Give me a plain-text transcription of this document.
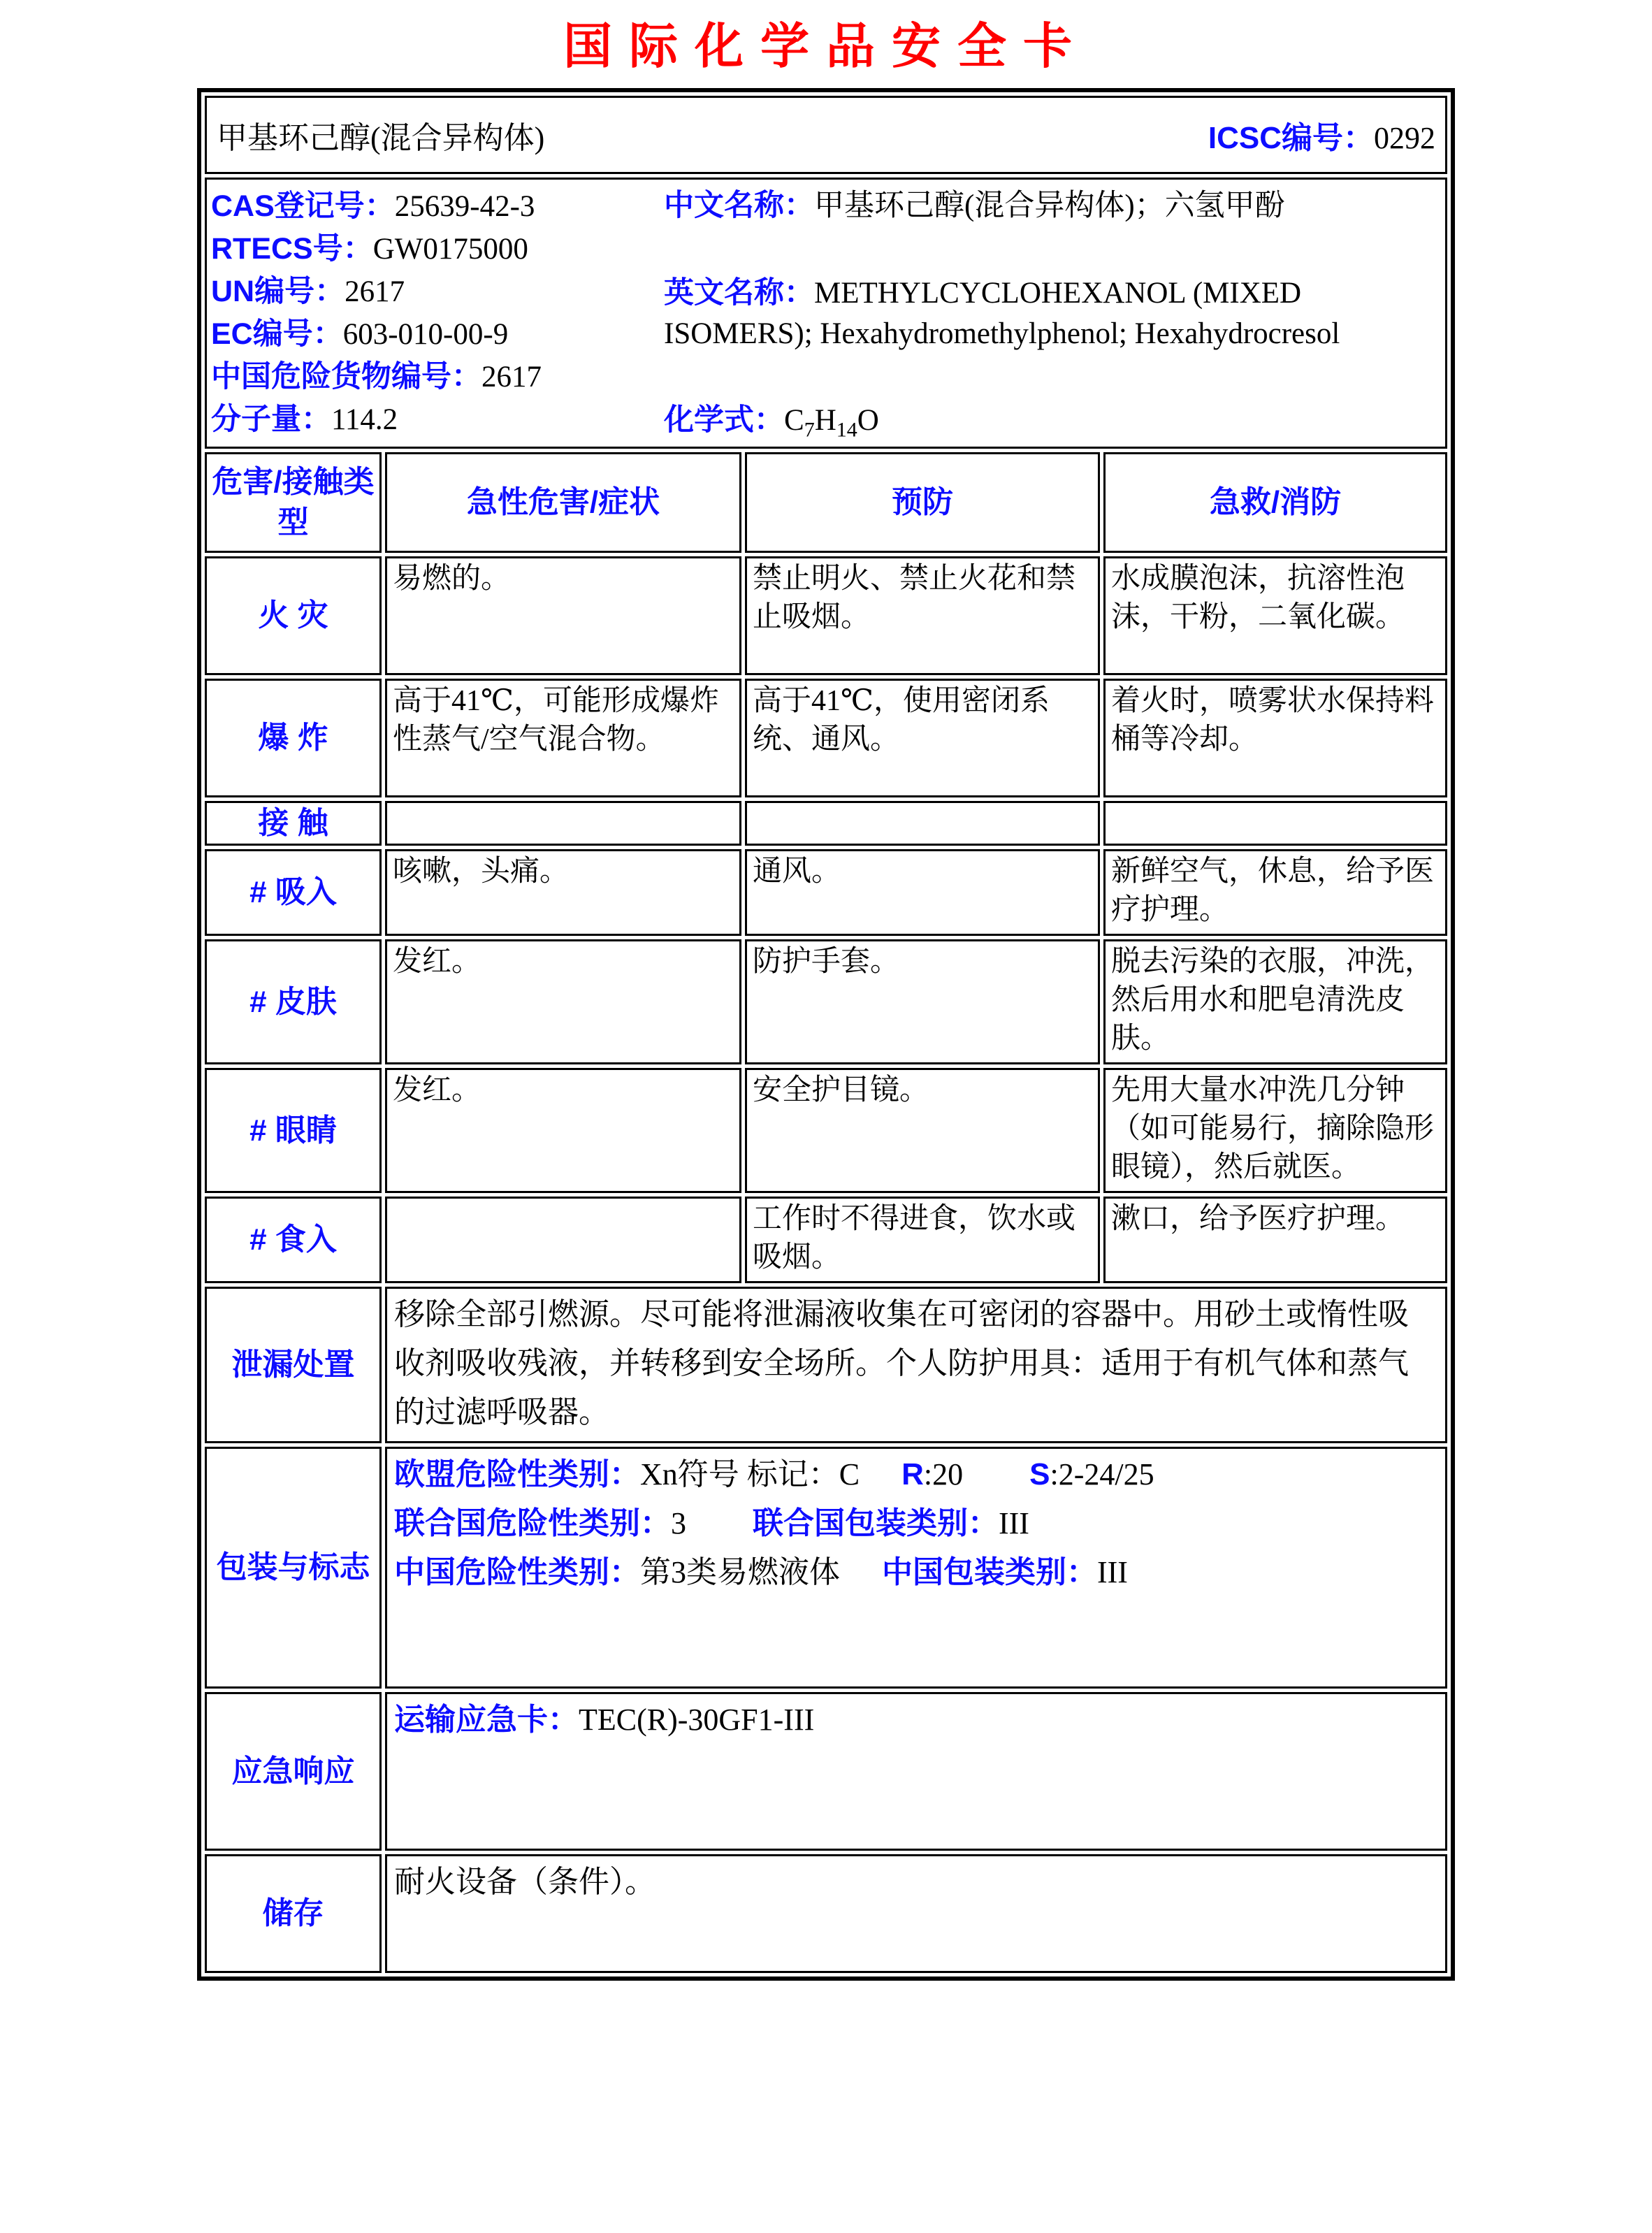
国际化学品安全卡
甲基环己醇(混合异构体) ICSC编号：0292			

CAS登记号：25639-42-3
RTECS号：GW0175000
UN编号：2617
EC编号：603-010-00-9
中国危险货物编号：2617
分子量：114.2
中文名称：甲基环己醇(混合异构体)；六氢甲酚
英文名称：METHYLCYCLOHEXANOL (MIXED ISOMERS); Hexahydromethylphenol; Hexahydrocresol
化学式：$C_7H_{14}O$

危害/接触类型	急性危害/症状	预防	急救/消防
火 灾	易燃的。	禁止明火、禁止火花和禁止吸烟。	水成膜泡沫，抗溶性泡沫，干粉，二氧化碳。
爆 炸	高于41℃，可能形成爆炸性蒸气/空气混合物。	高于41℃，使用密闭系统、通风。	着火时，喷雾状水保持料桶等冷却。
接 触			
# 吸入	咳嗽，头痛。	通风。	新鲜空气，休息，给予医疗护理。
# 皮肤	发红。	防护手套。	脱去污染的衣服，冲洗，然后用水和肥皂清洗皮肤。
# 眼睛	发红。	安全护目镜。	先用大量水冲洗几分钟（如可能易行，摘除隐形眼镜），然后就医。
# 食入		工作时不得进食，饮水或吸烟。	漱口，给予医疗护理。
泄漏处置	移除全部引燃源。尽可能将泄漏液收集在可密闭的容器中。用砂土或惰性吸收剂吸收残液，并转移到安全场所。个人防护用具：适用于有机气体和蒸气的过滤呼吸器。		
包装与标志	欧盟危险性类别：Xn符号 标记：C R:20 S:2-24/25
联合国危险性类别：3 联合国包装类别：III
中国危险性类别：第3类易燃液体 中国包装类别：III		

应急响应	运输应急卡：TEC(R)-30GF1-III		
储存	耐火设备（条件）。		
